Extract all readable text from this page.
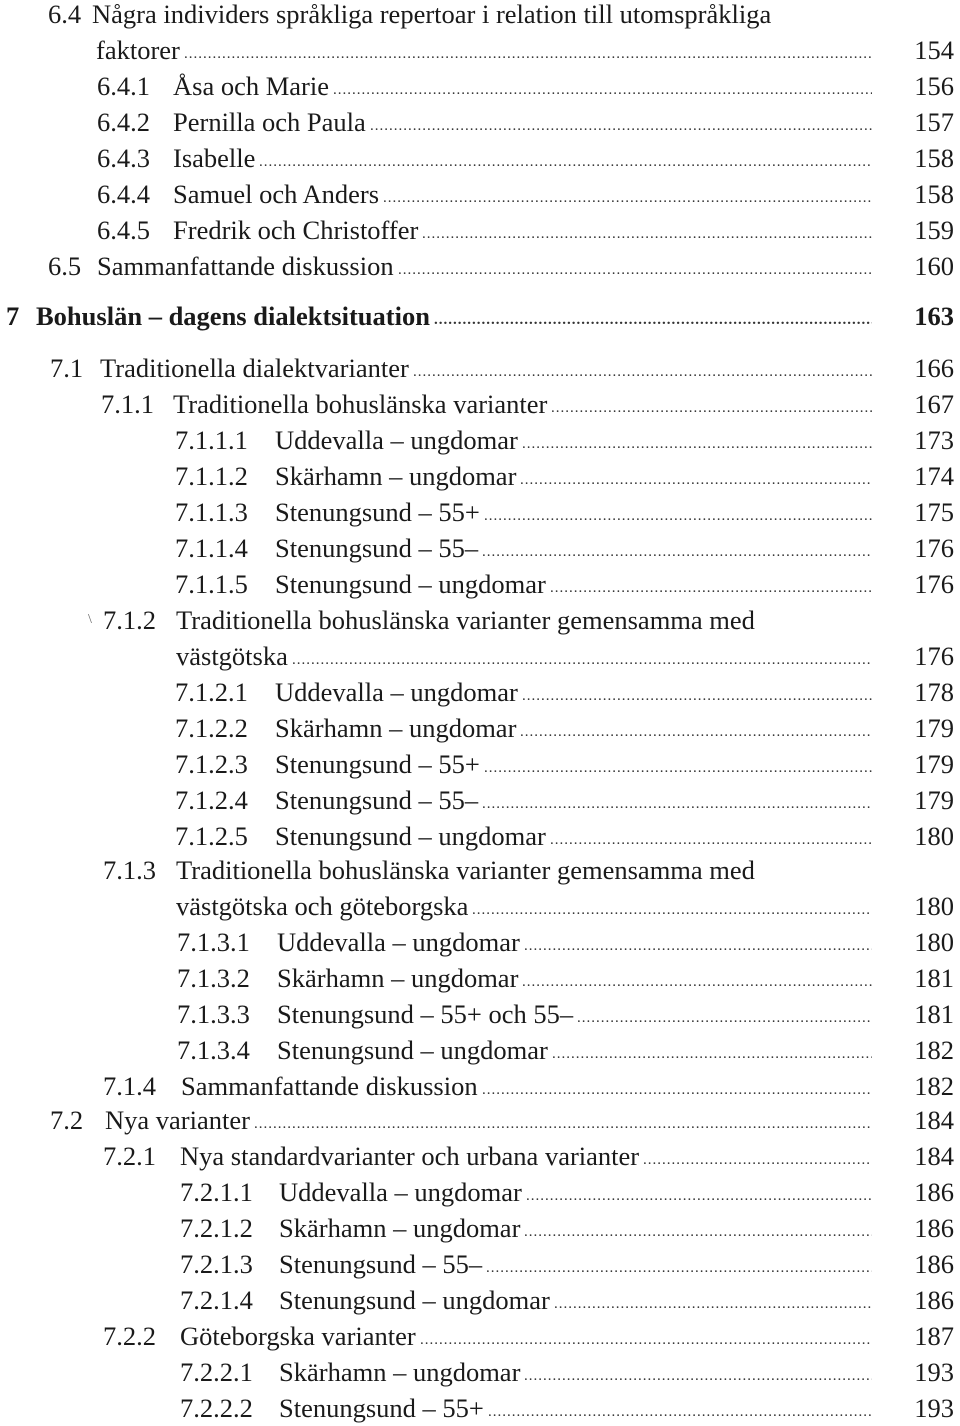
\
6.4 Några individers språkliga repertoar i relation till utomspråkliga
faktorer .....	154
6.4.1 Åsa och Marie .....	156
6.4.2 Pernilla och Paula .....	157
6.4.3 Isabelle .....	158
6.4.4 Samuel och Anders .....	158
6.4.5 Fredrik och Christoffer .....	159
6.5 Sammanfattande diskussion .....	160
7 Bohuslän – dagens dialektsituation .....	163
7.1 Traditionella dialektvarianter .....	166
7.1.1 Traditionella bohuslänska varianter .....	167
7.1.1.1 Uddevalla – ungdomar .....	173
7.1.1.2 Skärhamn – ungdomar .....	174
7.1.1.3 Stenungsund – 55+ .....	175
7.1.1.4 Stenungsund – 55– .....	176
7.1.1.5 Stenungsund – ungdomar .....	176
7.1.2 Traditionella bohuslänska varianter gemensamma med
västgötska .....	176
7.1.2.1 Uddevalla – ungdomar .....	178
7.1.2.2 Skärhamn – ungdomar .....	179
7.1.2.3 Stenungsund – 55+ .....	179
7.1.2.4 Stenungsund – 55– .....	179
7.1.2.5 Stenungsund – ungdomar .....	180
7.1.3 Traditionella bohuslänska varianter gemensamma med
västgötska och göteborgska .....	180
7.1.3.1 Uddevalla – ungdomar .....	180
7.1.3.2 Skärhamn – ungdomar .....	181
7.1.3.3 Stenungsund – 55+ och 55– .....	181
7.1.3.4 Stenungsund – ungdomar .....	182
7.1.4 Sammanfattande diskussion .....	182
7.2 Nya varianter .....	184
7.2.1 Nya standardvarianter och urbana varianter .....	184
7.2.1.1 Uddevalla – ungdomar .....	186
7.2.1.2 Skärhamn – ungdomar .....	186
7.2.1.3 Stenungsund – 55– .....	186
7.2.1.4 Stenungsund – ungdomar .....	186
7.2.2 Göteborgska varianter .....	187
7.2.2.1 Skärhamn – ungdomar .....	193
7.2.2.2 Stenungsund – 55+ .....	193
